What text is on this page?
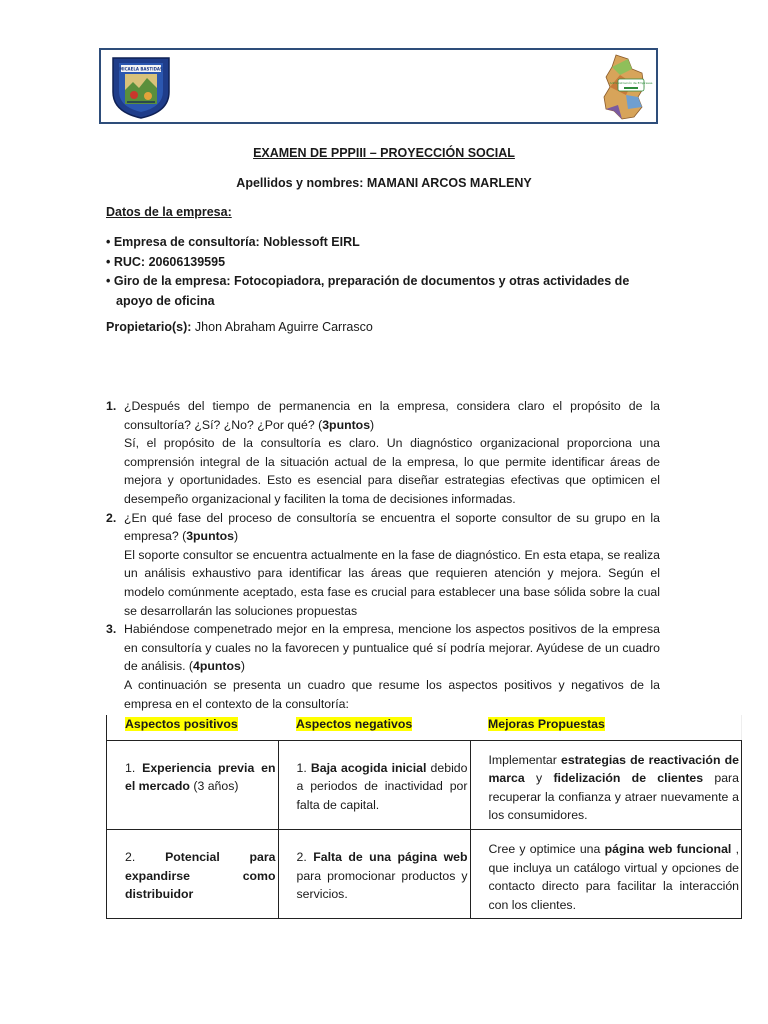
MICAELA BASTIDAS
Administración de Empresas
EXAMEN DE PPPIII – PROYECCIÓN SOCIAL
Apellidos y nombres: MAMANI ARCOS MARLENY
Datos de la empresa:
• Empresa de consultoría: Noblessoft EIRL
• RUC: 20606139595
• Giro de la empresa: Fotocopiadora, preparación de documentos y otras actividades de apoyo de oficina
Propietario(s): Jhon Abraham Aguirre Carrasco
1. ¿Después del tiempo de permanencia en la empresa, considera claro el propósito de la consultoría? ¿Sí? ¿No? ¿Por qué? (3puntos)
Sí, el propósito de la consultoría es claro. Un diagnóstico organizacional proporciona una comprensión integral de la situación actual de la empresa, lo que permite identificar áreas de mejora y oportunidades. Esto es esencial para diseñar estrategias efectivas que optimicen el desempeño organizacional y faciliten la toma de decisiones informadas.
2. ¿En qué fase del proceso de consultoría se encuentra el soporte consultor de su grupo en la empresa? (3puntos)
El soporte consultor se encuentra actualmente en la fase de diagnóstico. En esta etapa, se realiza un análisis exhaustivo para identificar las áreas que requieren atención y mejora. Según el modelo comúnmente aceptado, esta fase es crucial para establecer una base sólida sobre la cual se desarrollarán las soluciones propuestas
3. Habiéndose compenetrado mejor en la empresa, mencione los aspectos positivos de la empresa en consultoría y cuales no la favorecen y puntualice qué sí podría mejorar. Ayúdese de un cuadro de análisis. (4puntos)
A continuación se presenta un cuadro que resume los aspectos positivos y negativos de la empresa en el contexto de la consultoría:
Aspectos positivos	Aspectos negativos	Mejoras Propuestas
1. Experiencia previa en el mercado (3 años)	1. Baja acogida inicial debido a periodos de inactividad por falta de capital.	Implementar estrategias de reactivación de marca y fidelización de clientes para recuperar la confianza y atraer nuevamente a los consumidores.
2. Potencial para expandirse como distribuidor	2. Falta de una página web para promocionar productos y servicios.	Cree y optimice una página web funcional , que incluya un catálogo virtual y opciones de contacto directo para facilitar la interacción con los clientes.
